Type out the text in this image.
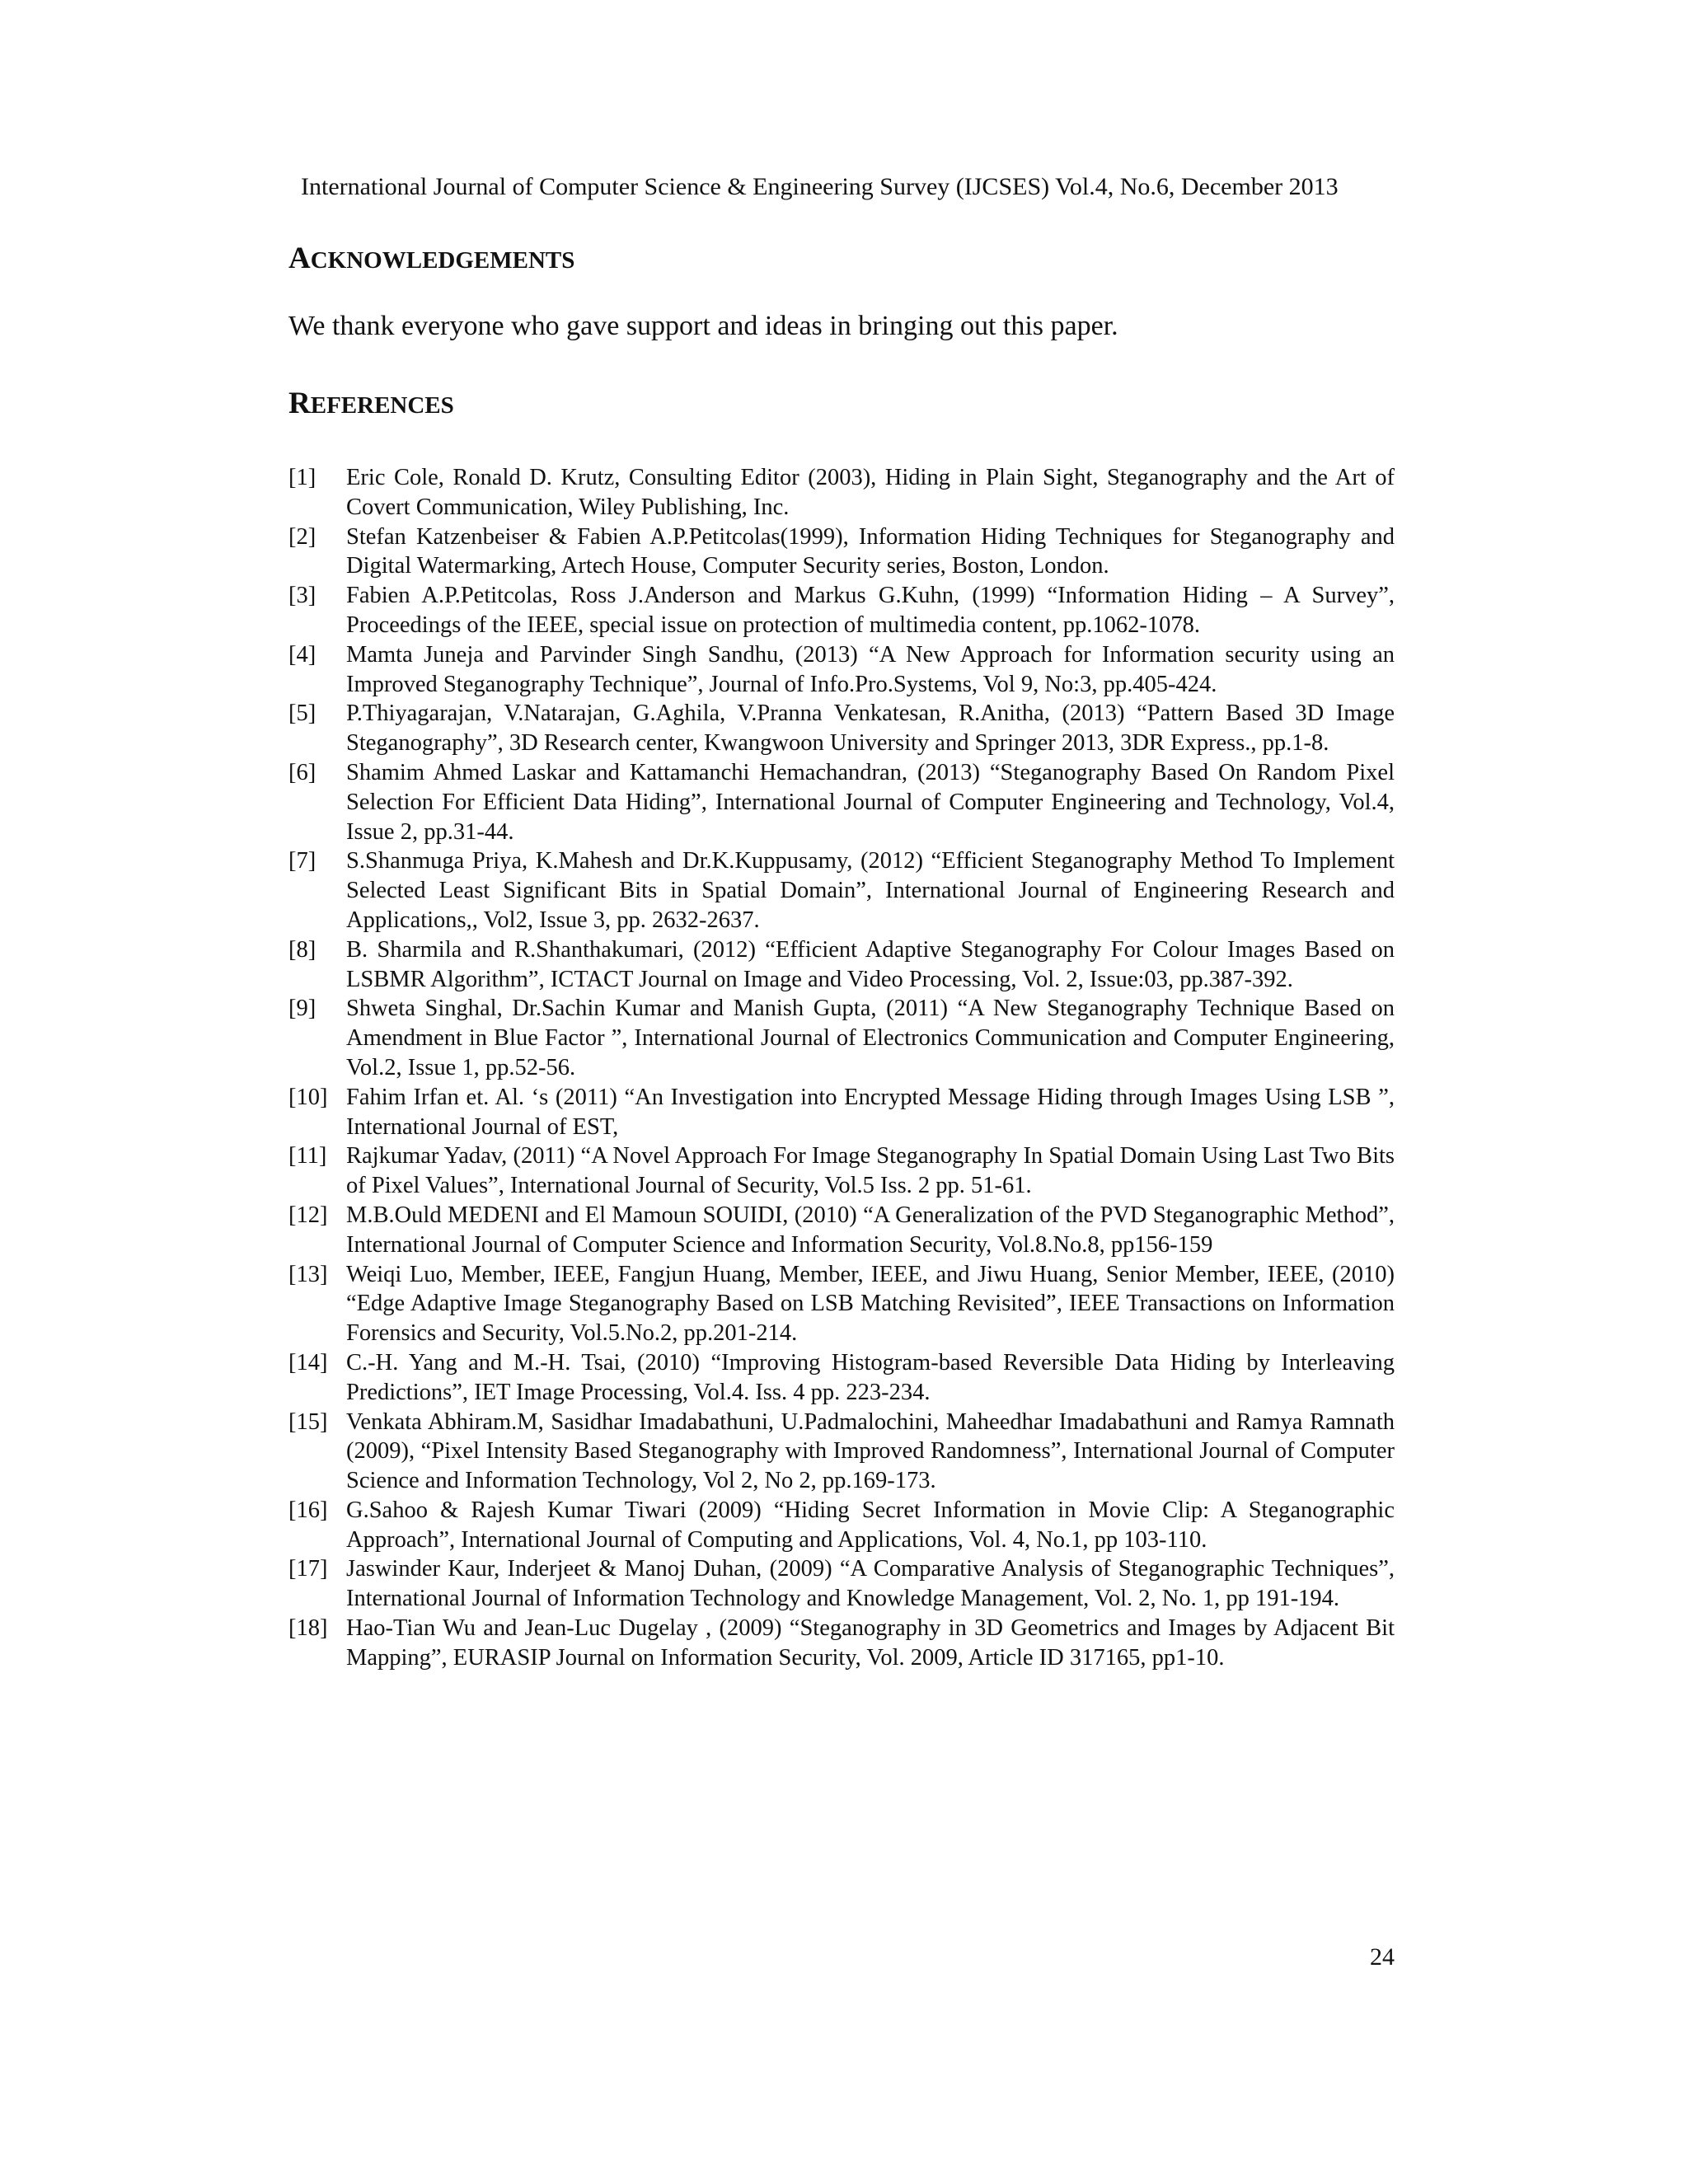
International Journal of Computer Science & Engineering Survey (IJCSES) Vol.4, No.6, December 2013
ACKNOWLEDGEMENTS

We thank everyone who gave support and ideas in bringing out this paper.

REFERENCES
[1] Eric Cole, Ronald D. Krutz, Consulting Editor (2003), Hiding in Plain Sight, Steganography and the Art of Covert Communication, Wiley Publishing, Inc.
[2] Stefan Katzenbeiser & Fabien A.P.Petitcolas(1999), Information Hiding Techniques for Steganography and Digital Watermarking, Artech House, Computer Security series, Boston, London.
[3] Fabien A.P.Petitcolas, Ross J.Anderson and Markus G.Kuhn, (1999) “Information Hiding – A Survey”, Proceedings of the IEEE, special issue on protection of multimedia content, pp.1062-1078.
[4] Mamta Juneja and Parvinder Singh Sandhu, (2013) “A New Approach for Information security using an Improved Steganography Technique”, Journal of Info.Pro.Systems, Vol 9, No:3, pp.405-424.
[5] P.Thiyagarajan, V.Natarajan, G.Aghila, V.Pranna Venkatesan, R.Anitha, (2013) “Pattern Based 3D Image Steganography”, 3D Research center, Kwangwoon University and Springer 2013, 3DR Express., pp.1-8.
[6] Shamim Ahmed Laskar and Kattamanchi Hemachandran, (2013) “Steganography Based On Random Pixel Selection For Efficient Data Hiding”, International Journal of Computer Engineering and Technology, Vol.4, Issue 2, pp.31-44.
[7] S.Shanmuga Priya, K.Mahesh and Dr.K.Kuppusamy, (2012) “Efficient Steganography Method To Implement Selected Least Significant Bits in Spatial Domain”, International Journal of Engineering Research and Applications,, Vol2, Issue 3, pp. 2632-2637.
[8] B. Sharmila and R.Shanthakumari, (2012) “Efficient Adaptive Steganography For Colour Images Based on LSBMR Algorithm”, ICTACT Journal on Image and Video Processing, Vol. 2, Issue:03, pp.387-392.
[9] Shweta Singhal, Dr.Sachin Kumar and Manish Gupta, (2011) “A New Steganography Technique Based on Amendment in Blue Factor ”, International Journal of Electronics Communication and Computer Engineering, Vol.2, Issue 1, pp.52-56.
[10] Fahim Irfan et. Al. ‘s (2011) “An Investigation into Encrypted Message Hiding through Images Using LSB ”, International Journal of EST,
[11] Rajkumar Yadav, (2011) “A Novel Approach For Image Steganography In Spatial Domain Using Last Two Bits of Pixel Values”, International Journal of Security, Vol.5 Iss. 2 pp. 51-61.
[12] M.B.Ould MEDENI and El Mamoun SOUIDI, (2010) “A Generalization of the PVD Steganographic Method”, International Journal of Computer Science and Information Security, Vol.8.No.8, pp156-159
[13] Weiqi Luo, Member, IEEE, Fangjun Huang, Member, IEEE, and Jiwu Huang, Senior Member, IEEE, (2010) “Edge Adaptive Image Steganography Based on LSB Matching Revisited”, IEEE Transactions on Information Forensics and Security, Vol.5.No.2, pp.201-214.
[14] C.-H. Yang and M.-H. Tsai, (2010) “Improving Histogram-based Reversible Data Hiding by Interleaving Predictions”, IET Image Processing, Vol.4. Iss. 4 pp. 223-234.
[15] Venkata Abhiram.M, Sasidhar Imadabathuni, U.Padmalochini, Maheedhar Imadabathuni and Ramya Ramnath (2009), “Pixel Intensity Based Steganography with Improved Randomness”, International Journal of Computer Science and Information Technology, Vol 2, No 2, pp.169-173.
[16] G.Sahoo & Rajesh Kumar Tiwari (2009) “Hiding Secret Information in Movie Clip: A Steganographic Approach”, International Journal of Computing and Applications, Vol. 4, No.1, pp 103-110.
[17] Jaswinder Kaur, Inderjeet & Manoj Duhan, (2009) “A Comparative Analysis of Steganographic Techniques”, International Journal of Information Technology and Knowledge Management, Vol. 2, No. 1, pp 191-194.
[18] Hao-Tian Wu and Jean-Luc Dugelay , (2009) “Steganography in 3D Geometrics and Images by Adjacent Bit Mapping”, EURASIP Journal on Information Security, Vol. 2009, Article ID 317165, pp1-10.
24
